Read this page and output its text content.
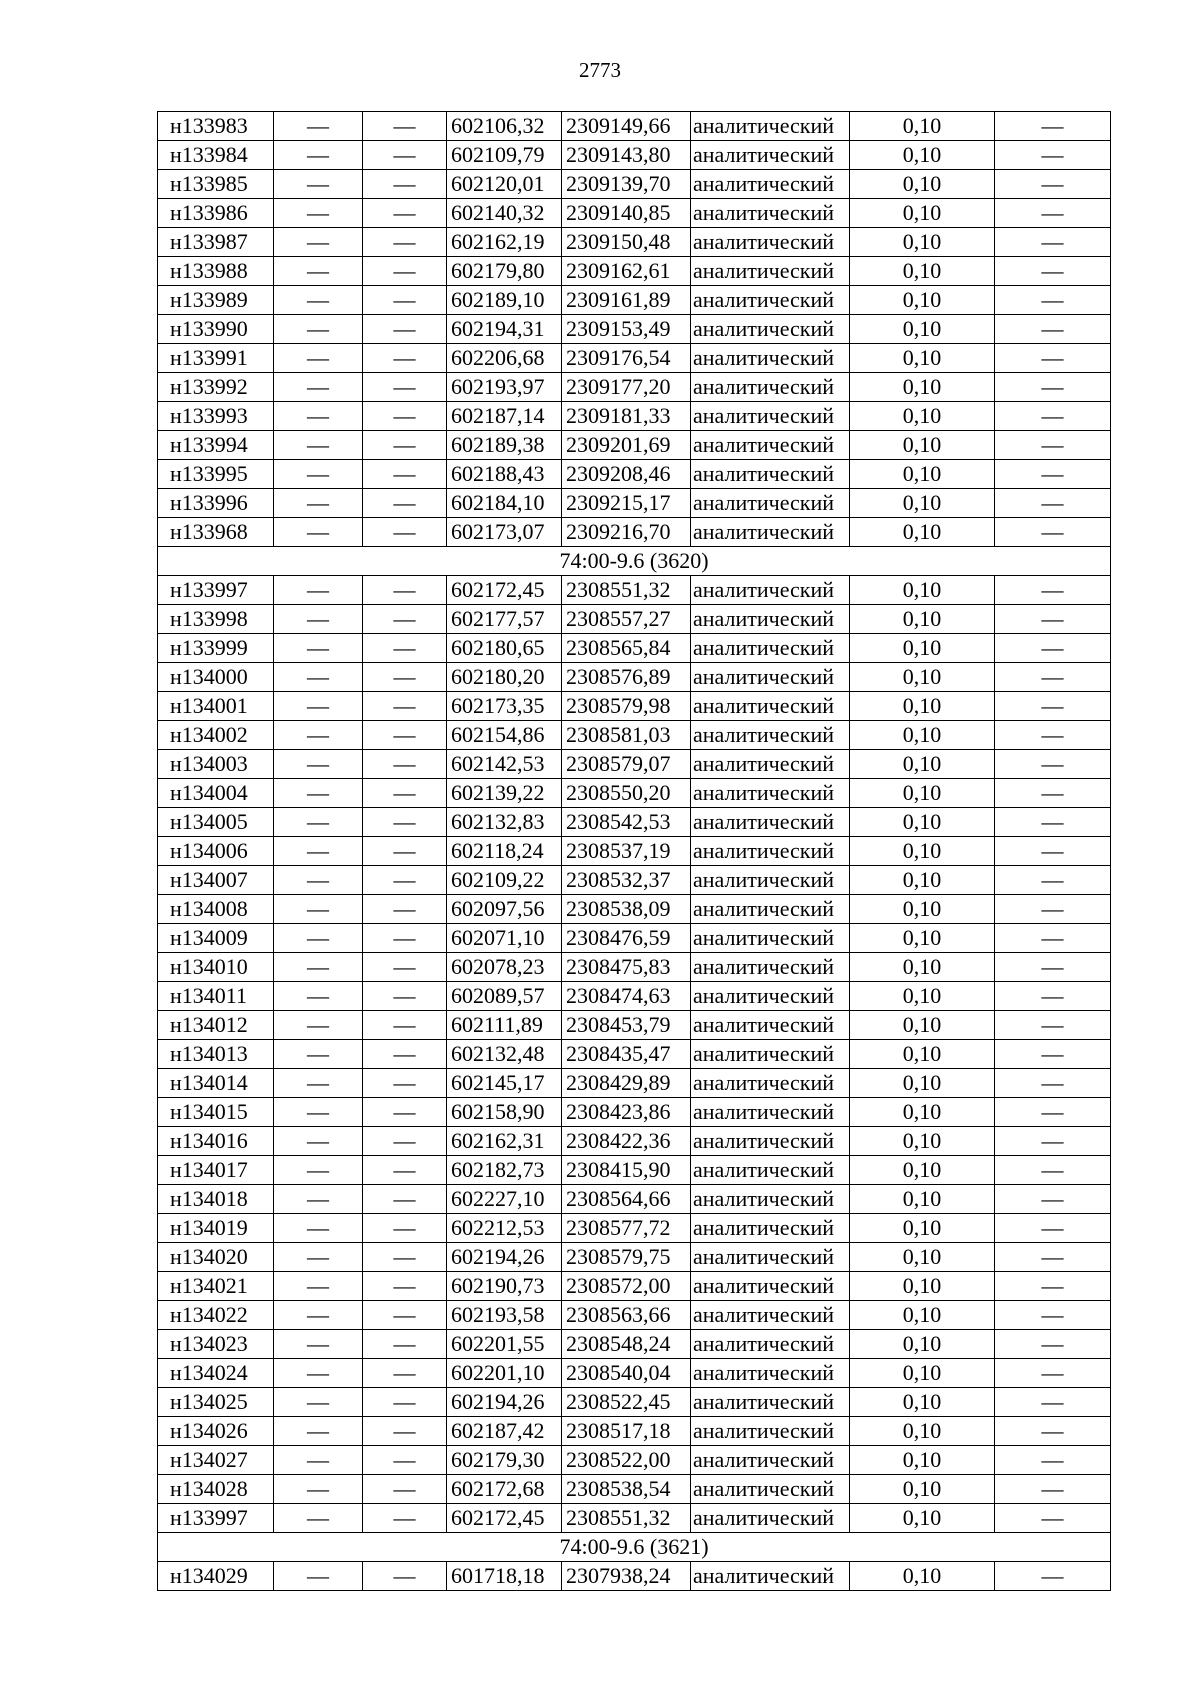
2773
н133983	—	—	602106,32	2309149,66	аналитический	0,10	—
н133984	—	—	602109,79	2309143,80	аналитический	0,10	—
н133985	—	—	602120,01	2309139,70	аналитический	0,10	—
н133986	—	—	602140,32	2309140,85	аналитический	0,10	—
н133987	—	—	602162,19	2309150,48	аналитический	0,10	—
н133988	—	—	602179,80	2309162,61	аналитический	0,10	—
н133989	—	—	602189,10	2309161,89	аналитический	0,10	—
н133990	—	—	602194,31	2309153,49	аналитический	0,10	—
н133991	—	—	602206,68	2309176,54	аналитический	0,10	—
н133992	—	—	602193,97	2309177,20	аналитический	0,10	—
н133993	—	—	602187,14	2309181,33	аналитический	0,10	—
н133994	—	—	602189,38	2309201,69	аналитический	0,10	—
н133995	—	—	602188,43	2309208,46	аналитический	0,10	—
н133996	—	—	602184,10	2309215,17	аналитический	0,10	—
н133968	—	—	602173,07	2309216,70	аналитический	0,10	—
74:00-9.6 (3620)							
н133997	—	—	602172,45	2308551,32	аналитический	0,10	—
н133998	—	—	602177,57	2308557,27	аналитический	0,10	—
н133999	—	—	602180,65	2308565,84	аналитический	0,10	—
н134000	—	—	602180,20	2308576,89	аналитический	0,10	—
н134001	—	—	602173,35	2308579,98	аналитический	0,10	—
н134002	—	—	602154,86	2308581,03	аналитический	0,10	—
н134003	—	—	602142,53	2308579,07	аналитический	0,10	—
н134004	—	—	602139,22	2308550,20	аналитический	0,10	—
н134005	—	—	602132,83	2308542,53	аналитический	0,10	—
н134006	—	—	602118,24	2308537,19	аналитический	0,10	—
н134007	—	—	602109,22	2308532,37	аналитический	0,10	—
н134008	—	—	602097,56	2308538,09	аналитический	0,10	—
н134009	—	—	602071,10	2308476,59	аналитический	0,10	—
н134010	—	—	602078,23	2308475,83	аналитический	0,10	—
н134011	—	—	602089,57	2308474,63	аналитический	0,10	—
н134012	—	—	602111,89	2308453,79	аналитический	0,10	—
н134013	—	—	602132,48	2308435,47	аналитический	0,10	—
н134014	—	—	602145,17	2308429,89	аналитический	0,10	—
н134015	—	—	602158,90	2308423,86	аналитический	0,10	—
н134016	—	—	602162,31	2308422,36	аналитический	0,10	—
н134017	—	—	602182,73	2308415,90	аналитический	0,10	—
н134018	—	—	602227,10	2308564,66	аналитический	0,10	—
н134019	—	—	602212,53	2308577,72	аналитический	0,10	—
н134020	—	—	602194,26	2308579,75	аналитический	0,10	—
н134021	—	—	602190,73	2308572,00	аналитический	0,10	—
н134022	—	—	602193,58	2308563,66	аналитический	0,10	—
н134023	—	—	602201,55	2308548,24	аналитический	0,10	—
н134024	—	—	602201,10	2308540,04	аналитический	0,10	—
н134025	—	—	602194,26	2308522,45	аналитический	0,10	—
н134026	—	—	602187,42	2308517,18	аналитический	0,10	—
н134027	—	—	602179,30	2308522,00	аналитический	0,10	—
н134028	—	—	602172,68	2308538,54	аналитический	0,10	—
н133997	—	—	602172,45	2308551,32	аналитический	0,10	—
74:00-9.6 (3621)							
н134029	—	—	601718,18	2307938,24	аналитический	0,10	—
